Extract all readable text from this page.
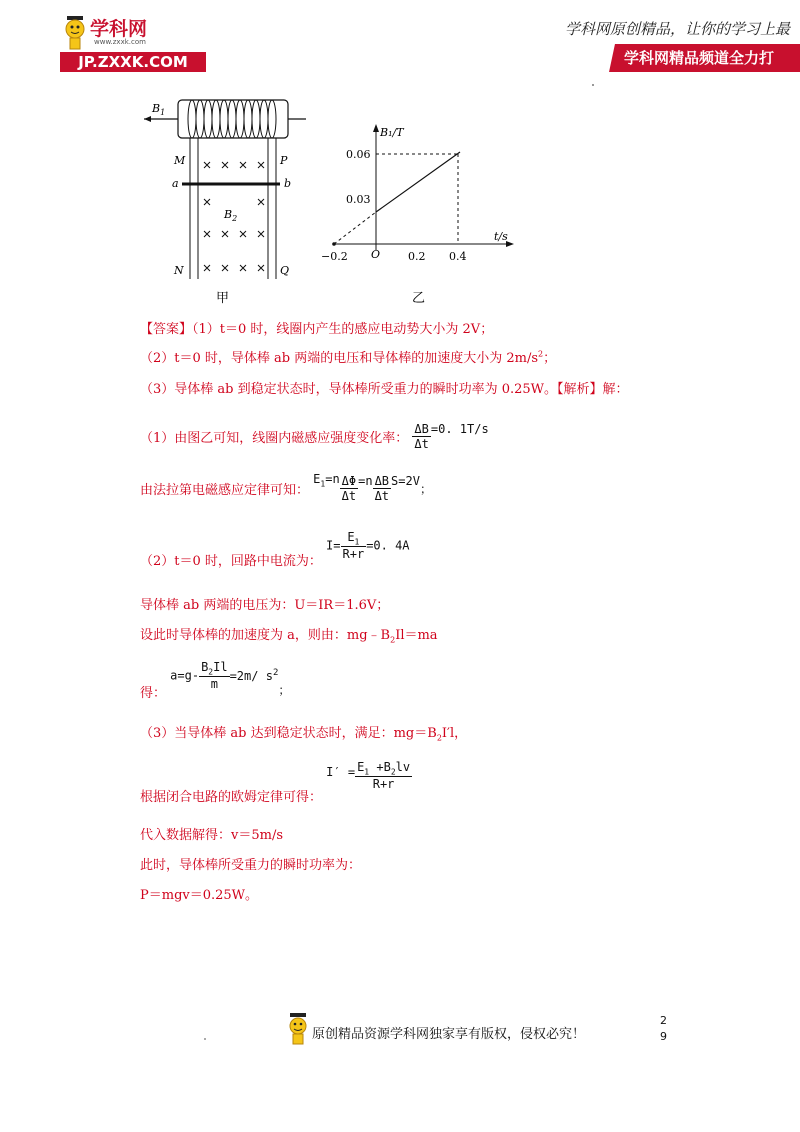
学科网
www.zxxk.com
JP.ZXXK.COM
学科网原创精品，让你的学习上最
学科网精品频道全力打
$B_1$
M	P
a	b
$B_2$
N	Q
甲
B₁/T
t/s
0.06
0.03
−0.2 O	0.2 0.4
乙
【答案】（1）t＝0 时，线圈内产生的感应电动势大小为 2V；
（2）t＝0 时，导体棒 ab 两端的电压和导体棒的加速度大小为 $2m/s^2$；
（3）导体棒 ab 到稳定状态时，导体棒所受重力的瞬时功率为 0.25W。【解析】解：
（1）由图乙可知，线圈内磁感应强度变化率： $\frac{\Delta B}{\Delta t} =0$. 1T/s
由法拉第电磁感应定律可知： $E_1=n \frac{\Delta\Phi}{\Delta t} =n \frac{\Delta B}{\Delta t} S=2V$；
（2）t＝0 时，回路中电流为： $I= \frac{E_1}{R+r} =0$. 4A
导体棒 ab 两端的电压为：U＝IR＝1.6V；
设此时导体棒的加速度为 a，则由：$mg﹣B_2Il=ma$
得： $a=g- \frac{B_2Il}{m} =2m/$ $s^2$；
（3）当导体棒 ab 达到稳定状态时，满足：$mg=B_2I'l$，
根据闭合电路的欧姆定律可得： $I' = \frac{E_1 +B_2lv}{R+r}$
代入数据解得：v＝5m/s
此时，导体棒所受重力的瞬时功率为：
P＝mgv＝0.25W。
原创精品资源学科网独家享有版权，侵权必究！
2
9
